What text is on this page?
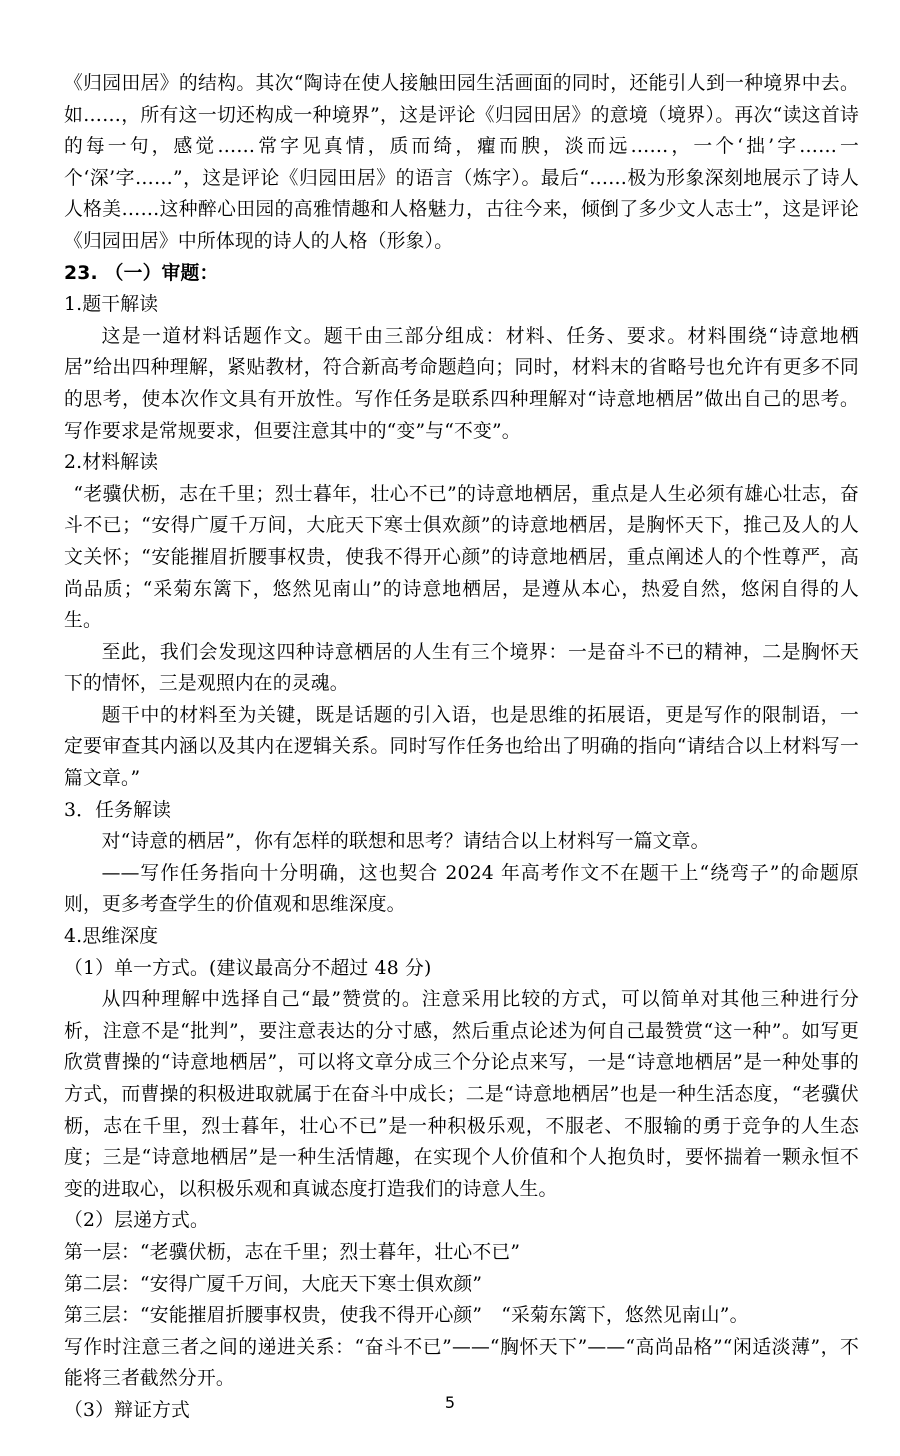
《归园田居》的结构。其次“陶诗在使人接触田园生活画面的同时，还能引人到一种境界中去。如……，所有这一切还构成一种境界”，这是评论《归园田居》的意境（境界）。再次“读这首诗的每一句，感觉……常字见真情，质而绮，癯而腴，淡而远……，一个‘拙’字……一个‘深’字……”，这是评论《归园田居》的语言（炼字）。最后“……极为形象深刻地展示了诗人　人格美……这种醉心田园的高雅情趣和人格魅力，古往今来，倾倒了多少文人志士”，这是评论《归园田居》中所体现的诗人的人格（形象）。

23. （一）审题：

1.题干解读

这是一道材料话题作文。题干由三部分组成：材料、任务、要求。材料围绕“诗意地栖居”给出四种理解，紧贴教材，符合新高考命题趋向；同时，材料末的省略号也允许有更多不同的思考，使本次作文具有开放性。写作任务是联系四种理解对“诗意地栖居”做出自己的思考。写作要求是常规要求，但要注意其中的“变”与“不变”。

2.材料解读

“老骥伏枥，志在千里；烈士暮年，壮心不已”的诗意地栖居，重点是人生必须有雄心壮志，奋斗不已；“安得广厦千万间，大庇天下寒士俱欢颜”的诗意地栖居，是胸怀天下，推己及人的人文关怀；“安能摧眉折腰事权贵，使我不得开心颜”的诗意地栖居，重点阐述人的个性尊严，高尚品质；“采菊东篱下，悠然见南山”的诗意地栖居，是遵从本心，热爱自然，悠闲自得的人生。

至此，我们会发现这四种诗意栖居的人生有三个境界：一是奋斗不已的精神，二是胸怀天下的情怀，三是观照内在的灵魂。

题干中的材料至为关键，既是话题的引入语，也是思维的拓展语，更是写作的限制语，一定要审查其内涵以及其内在逻辑关系。同时写作任务也给出了明确的指向“请结合以上材料写一篇文章。”

3．任务解读

对“诗意的栖居”，你有怎样的联想和思考？请结合以上材料写一篇文章。

——写作任务指向十分明确，这也契合 2024 年高考作文不在题干上“绕弯子”的命题原则，更多考查学生的价值观和思维深度。

4.思维深度

（1）单一方式。(建议最高分不超过 48 分)

从四种理解中选择自己“最”赞赏的。注意采用比较的方式，可以简单对其他三种进行分析，注意不是“批判”，要注意表达的分寸感，然后重点论述为何自己最赞赏“这一种”。如写更欣赏曹操的“诗意地栖居”，可以将文章分成三个分论点来写，一是“诗意地栖居”是一种处事的方式，而曹操的积极进取就属于在奋斗中成长；二是“诗意地栖居”也是一种生活态度，“老骥伏枥，志在千里，烈士暮年，壮心不已”是一种积极乐观，不服老、不服输的勇于竞争的人生态度；三是“诗意地栖居”是一种生活情趣，在实现个人价值和个人抱负时，要怀揣着一颗永恒不变的进取心，以积极乐观和真诚态度打造我们的诗意人生。

（2）层递方式。

第一层：“老骥伏枥，志在千里；烈士暮年，壮心不已”

第二层：“安得广厦千万间，大庇天下寒士俱欢颜”

第三层：“安能摧眉折腰事权贵，使我不得开心颜”　“采菊东篱下，悠然见南山”。

写作时注意三者之间的递进关系：“奋斗不已”——“胸怀天下”——“高尚品格”“闲适淡薄”，不能将三者截然分开。

（3）辩证方式	5
